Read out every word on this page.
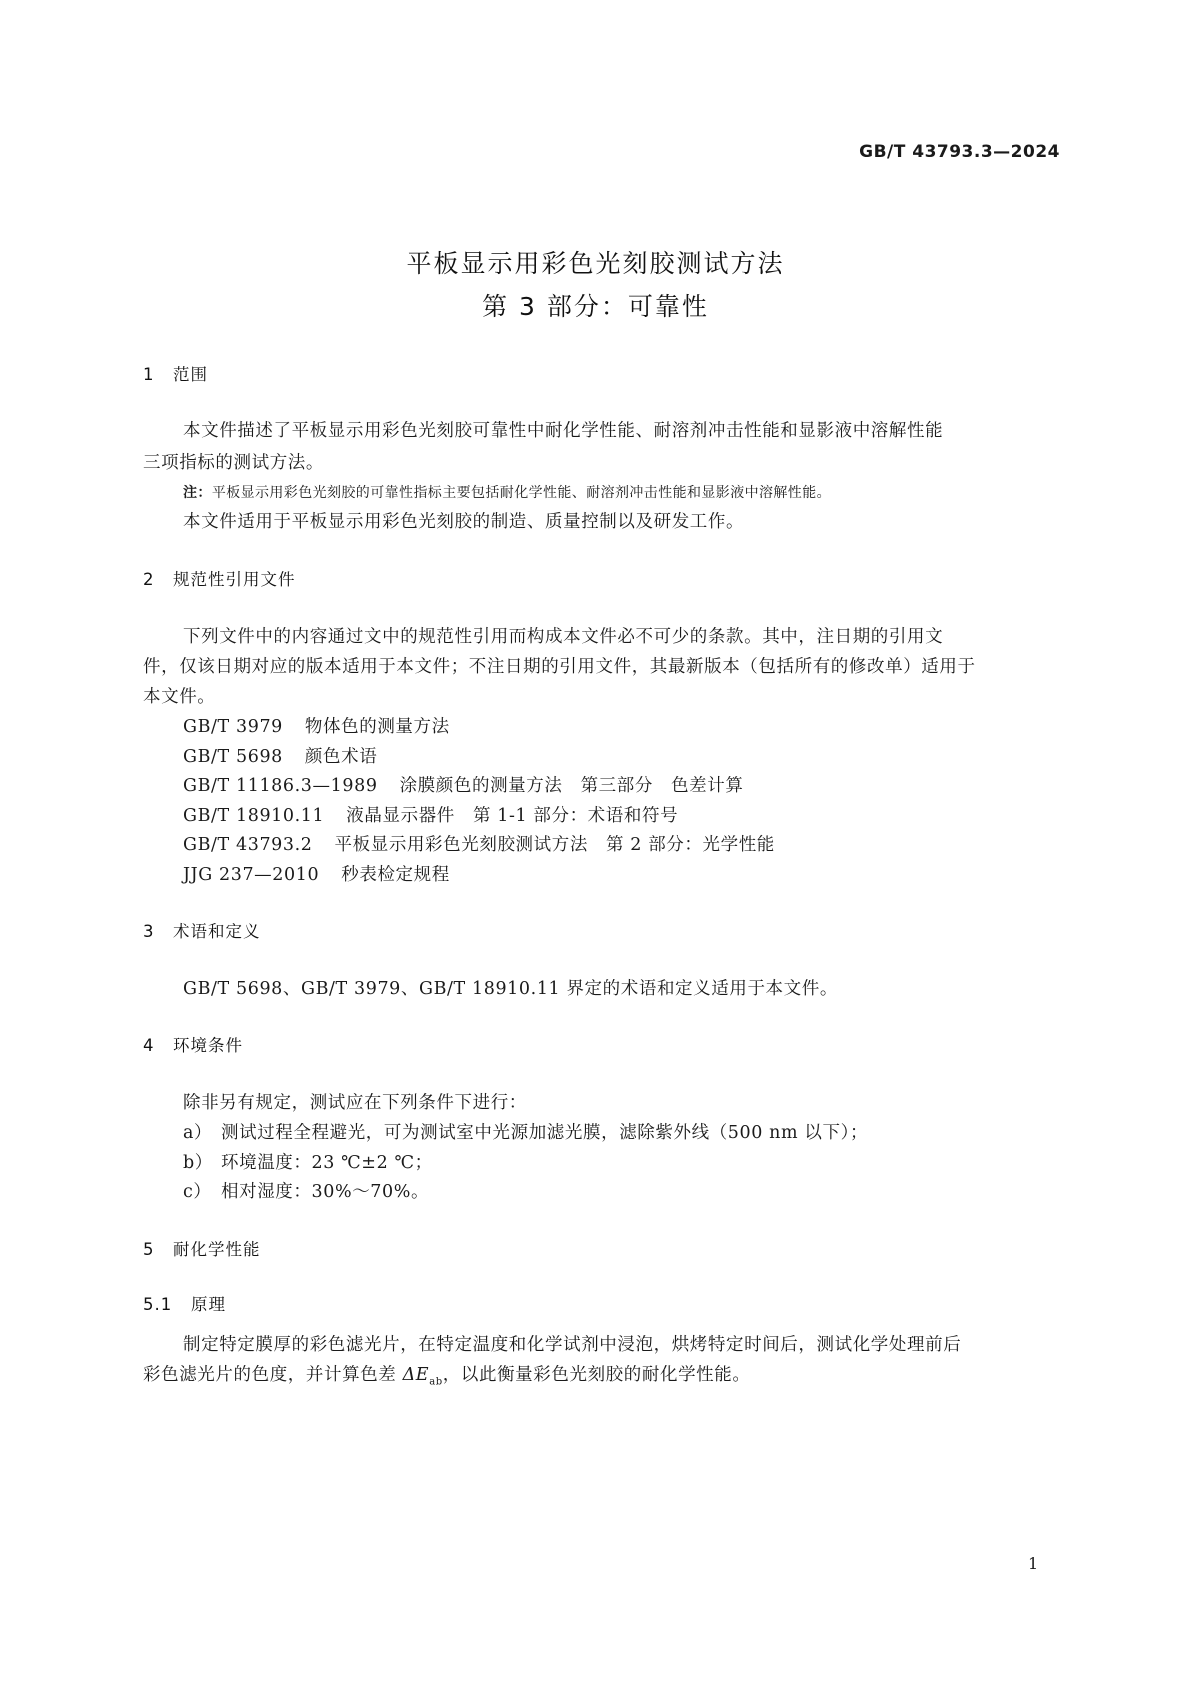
GB/T 43793.3—2024
平板显示用彩色光刻胶测试方法
第 3 部分：可靠性
1 范围
本文件描述了平板显示用彩色光刻胶可靠性中耐化学性能、耐溶剂冲击性能和显影液中溶解性能
三项指标的测试方法。
注：平板显示用彩色光刻胶的可靠性指标主要包括耐化学性能、耐溶剂冲击性能和显影液中溶解性能。
本文件适用于平板显示用彩色光刻胶的制造、质量控制以及研发工作。
2 规范性引用文件
下列文件中的内容通过文中的规范性引用而构成本文件必不可少的条款。其中，注日期的引用文
件，仅该日期对应的版本适用于本文件；不注日期的引用文件，其最新版本（包括所有的修改单）适用于
本文件。
GB/T 3979 物体色的测量方法
GB/T 5698 颜色术语
GB/T 11186.3—1989 涂膜颜色的测量方法　第三部分　色差计算
GB/T 18910.11 液晶显示器件　第 1-1 部分：术语和符号
GB/T 43793.2 平板显示用彩色光刻胶测试方法　第 2 部分：光学性能
JJG 237—2010 秒表检定规程
3 术语和定义
GB/T 5698、GB/T 3979、GB/T 18910.11 界定的术语和定义适用于本文件。
4 环境条件
除非另有规定，测试应在下列条件下进行：
a） 测试过程全程避光，可为测试室中光源加滤光膜，滤除紫外线（500 nm 以下）；
b） 环境温度：23 ℃±2 ℃；
c） 相对湿度：30%～70%。
5 耐化学性能
5.1 原理
制定特定膜厚的彩色滤光片，在特定温度和化学试剂中浸泡，烘烤特定时间后，测试化学处理前后
彩色滤光片的色度，并计算色差 $\Delta E_{ab}$，以此衡量彩色光刻胶的耐化学性能。
1
